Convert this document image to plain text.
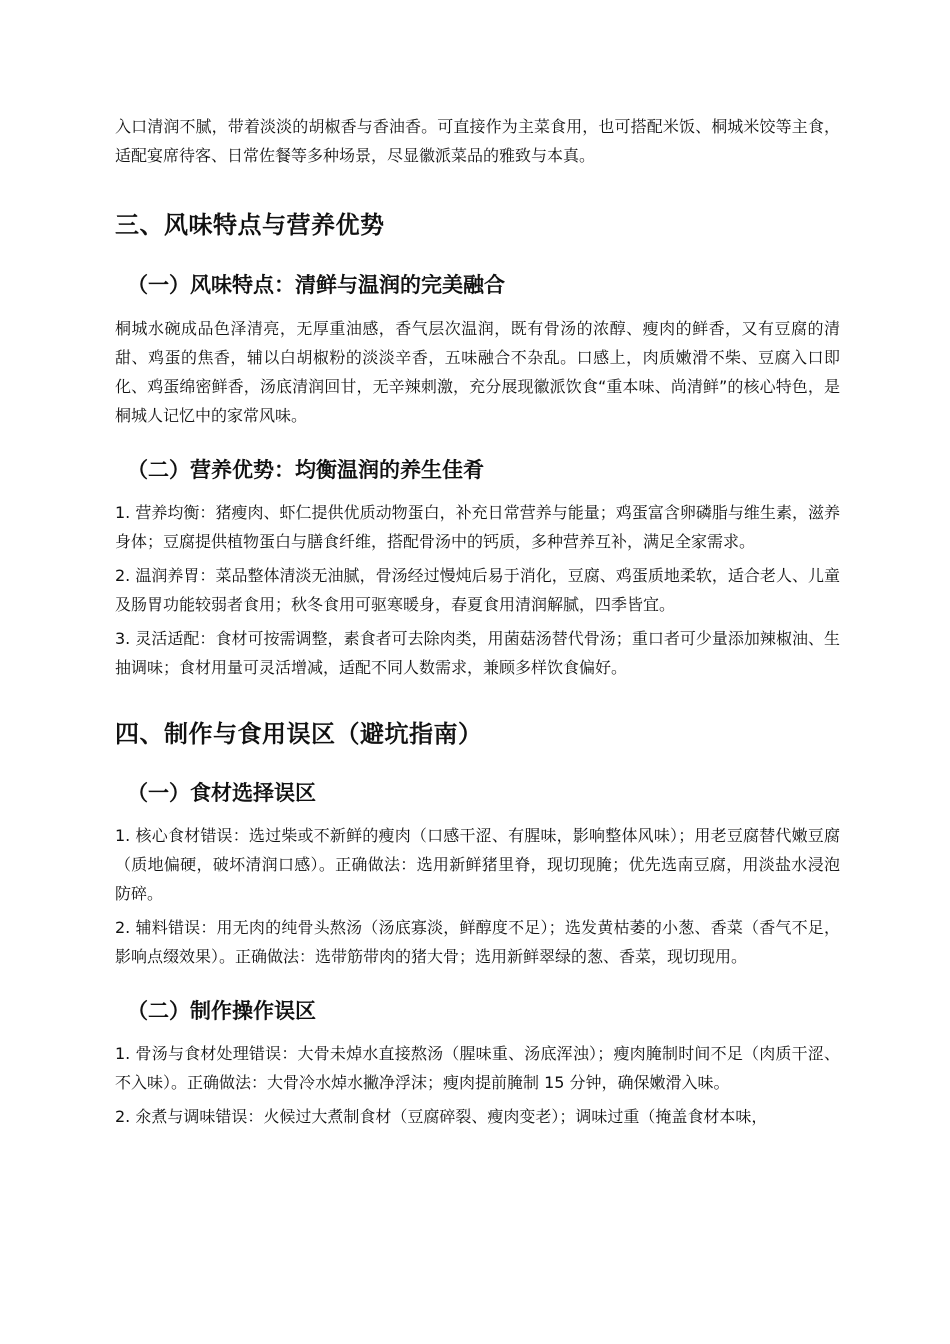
入口清润不腻，带着淡淡的胡椒香与香油香。可直接作为主菜食用，也可搭配米饭、桐城米饺等主食，适配宴席待客、日常佐餐等多种场景，尽显徽派菜品的雅致与本真。

三、风味特点与营养优势
（一）风味特点：清鲜与温润的完美融合

桐城水碗成品色泽清亮，无厚重油感，香气层次温润，既有骨汤的浓醇、瘦肉的鲜香，又有豆腐的清甜、鸡蛋的焦香，辅以白胡椒粉的淡淡辛香，五味融合不杂乱。口感上，肉质嫩滑不柴、豆腐入口即化、鸡蛋绵密鲜香，汤底清润回甘，无辛辣刺激，充分展现徽派饮食“重本味、尚清鲜”的核心特色，是桐城人记忆中的家常风味。

（二）营养优势：均衡温润的养生佳肴

1. 营养均衡：猪瘦肉、虾仁提供优质动物蛋白，补充日常营养与能量；鸡蛋富含卵磷脂与维生素，滋养身体；豆腐提供植物蛋白与膳食纤维，搭配骨汤中的钙质，多种营养互补，满足全家需求。

2. 温润养胃：菜品整体清淡无油腻，骨汤经过慢炖后易于消化，豆腐、鸡蛋质地柔软，适合老人、儿童及肠胃功能较弱者食用；秋冬食用可驱寒暖身，春夏食用清润解腻，四季皆宜。

3. 灵活适配：食材可按需调整，素食者可去除肉类，用菌菇汤替代骨汤；重口者可少量添加辣椒油、生抽调味；食材用量可灵活增减，适配不同人数需求，兼顾多样饮食偏好。

四、制作与食用误区（避坑指南）
（一）食材选择误区

1. 核心食材错误：选过柴或不新鲜的瘦肉（口感干涩、有腥味，影响整体风味）；用老豆腐替代嫩豆腐（质地偏硬，破坏清润口感）。正确做法：选用新鲜猪里脊，现切现腌；优先选南豆腐，用淡盐水浸泡防碎。

2. 辅料错误：用无肉的纯骨头熬汤（汤底寡淡，鲜醇度不足）；选发黄枯萎的小葱、香菜（香气不足，影响点缀效果）。正确做法：选带筋带肉的猪大骨；选用新鲜翠绿的葱、香菜，现切现用。

（二）制作操作误区

1. 骨汤与食材处理错误：大骨未焯水直接熬汤（腥味重、汤底浑浊）；瘦肉腌制时间不足（肉质干涩、不入味）。正确做法：大骨冷水焯水撇净浮沫；瘦肉提前腌制 15 分钟，确保嫩滑入味。

2. 氽煮与调味错误：火候过大煮制食材（豆腐碎裂、瘦肉变老）；调味过重（掩盖食材本味，
